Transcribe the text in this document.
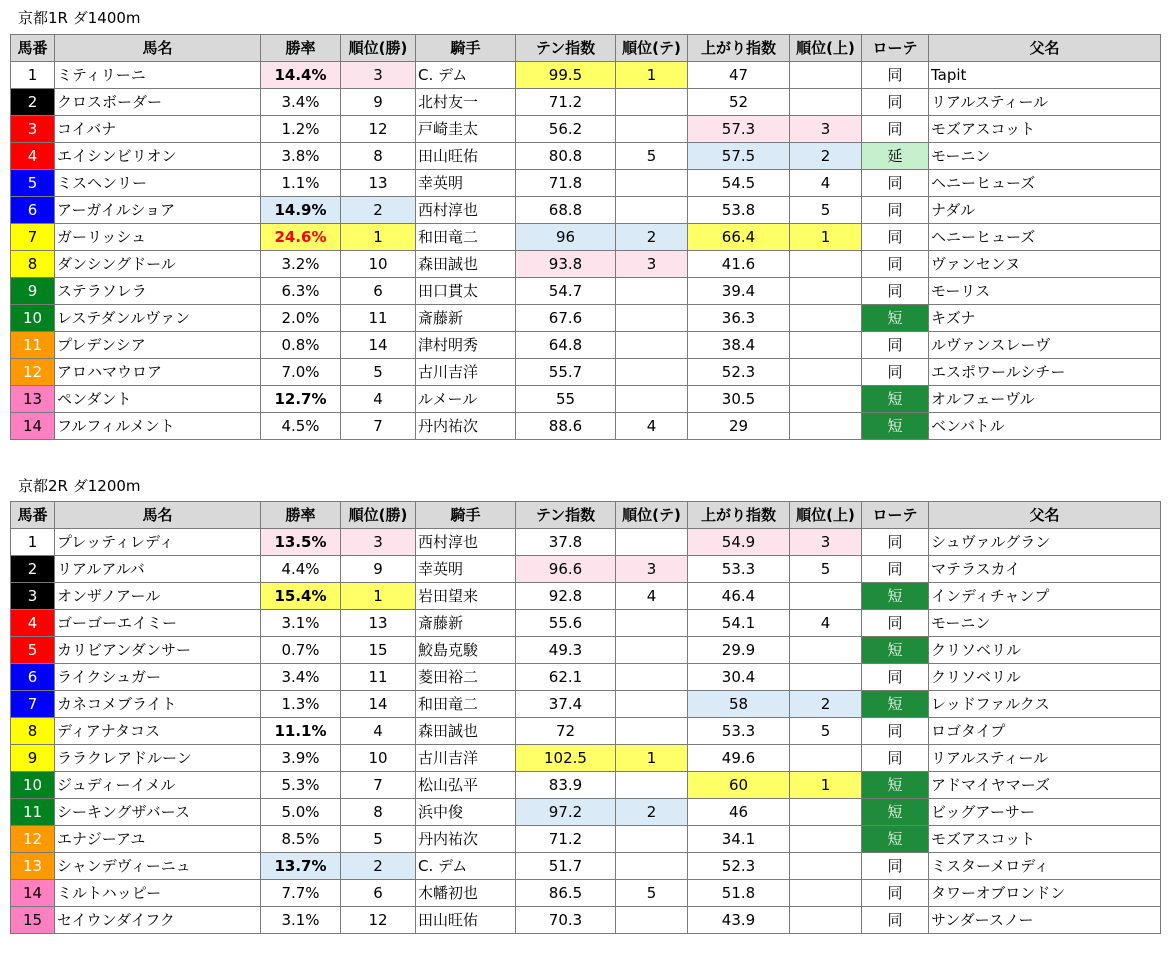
京都1R ダ1400m
馬番	馬名	勝率	順位(勝)	騎手	テン指数	順位(テ)	上がり指数	順位(上)	ローテ	父名
1	ミティリーニ	14.4%	3	C. デム	99.5	1	47		同	Tapit
2	クロスボーダー	3.4%	9	北村友一	71.2		52		同	リアルスティール
3	コイバナ	1.2%	12	戸崎圭太	56.2		57.3	3	同	モズアスコット
4	エイシンビリオン	3.8%	8	田山旺佑	80.8	5	57.5	2	延	モーニン
5	ミスヘンリー	1.1%	13	幸英明	71.8		54.5	4	同	ヘニーヒューズ
6	アーガイルショア	14.9%	2	西村淳也	68.8		53.8	5	同	ナダル
7	ガーリッシュ	24.6%	1	和田竜二	96	2	66.4	1	同	ヘニーヒューズ
8	ダンシングドール	3.2%	10	森田誠也	93.8	3	41.6		同	ヴァンセンヌ
9	ステラソレラ	6.3%	6	田口貫太	54.7		39.4		同	モーリス
10	レステダンルヴァン	2.0%	11	斎藤新	67.6		36.3		短	キズナ
11	プレデンシア	0.8%	14	津村明秀	64.8		38.4		同	ルヴァンスレーヴ
12	アロハマウロア	7.0%	5	古川吉洋	55.7		52.3		同	エスポワールシチー
13	ペンダント	12.7%	4	ルメール	55		30.5		短	オルフェーヴル
14	フルフィルメント	4.5%	7	丹内祐次	88.6	4	29		短	ベンバトル
京都2R ダ1200m
馬番	馬名	勝率	順位(勝)	騎手	テン指数	順位(テ)	上がり指数	順位(上)	ローテ	父名
1	プレッティレディ	13.5%	3	西村淳也	37.8		54.9	3	同	シュヴァルグラン
2	リアルアルバ	4.4%	9	幸英明	96.6	3	53.3	5	同	マテラスカイ
3	オンザノアール	15.4%	1	岩田望来	92.8	4	46.4		短	インディチャンプ
4	ゴーゴーエイミー	3.1%	13	斎藤新	55.6		54.1	4	同	モーニン
5	カリビアンダンサー	0.7%	15	鮫島克駿	49.3		29.9		短	クリソベリル
6	ライクシュガー	3.4%	11	菱田裕二	62.1		30.4		同	クリソベリル
7	カネコメブライト	1.3%	14	和田竜二	37.4		58	2	短	レッドファルクス
8	ディアナタコス	11.1%	4	森田誠也	72		53.3	5	同	ロゴタイプ
9	ララクレアドルーン	3.9%	10	古川吉洋	102.5	1	49.6		同	リアルスティール
10	ジュディーイメル	5.3%	7	松山弘平	83.9		60	1	短	アドマイヤマーズ
11	シーキングザバース	5.0%	8	浜中俊	97.2	2	46		短	ビッグアーサー
12	エナジーアユ	8.5%	5	丹内祐次	71.2		34.1		短	モズアスコット
13	シャンデヴィーニュ	13.7%	2	C. デム	51.7		52.3		同	ミスターメロディ
14	ミルトハッピー	7.7%	6	木幡初也	86.5	5	51.8		同	タワーオブロンドン
15	セイウンダイフク	3.1%	12	田山旺佑	70.3		43.9		同	サンダースノー
